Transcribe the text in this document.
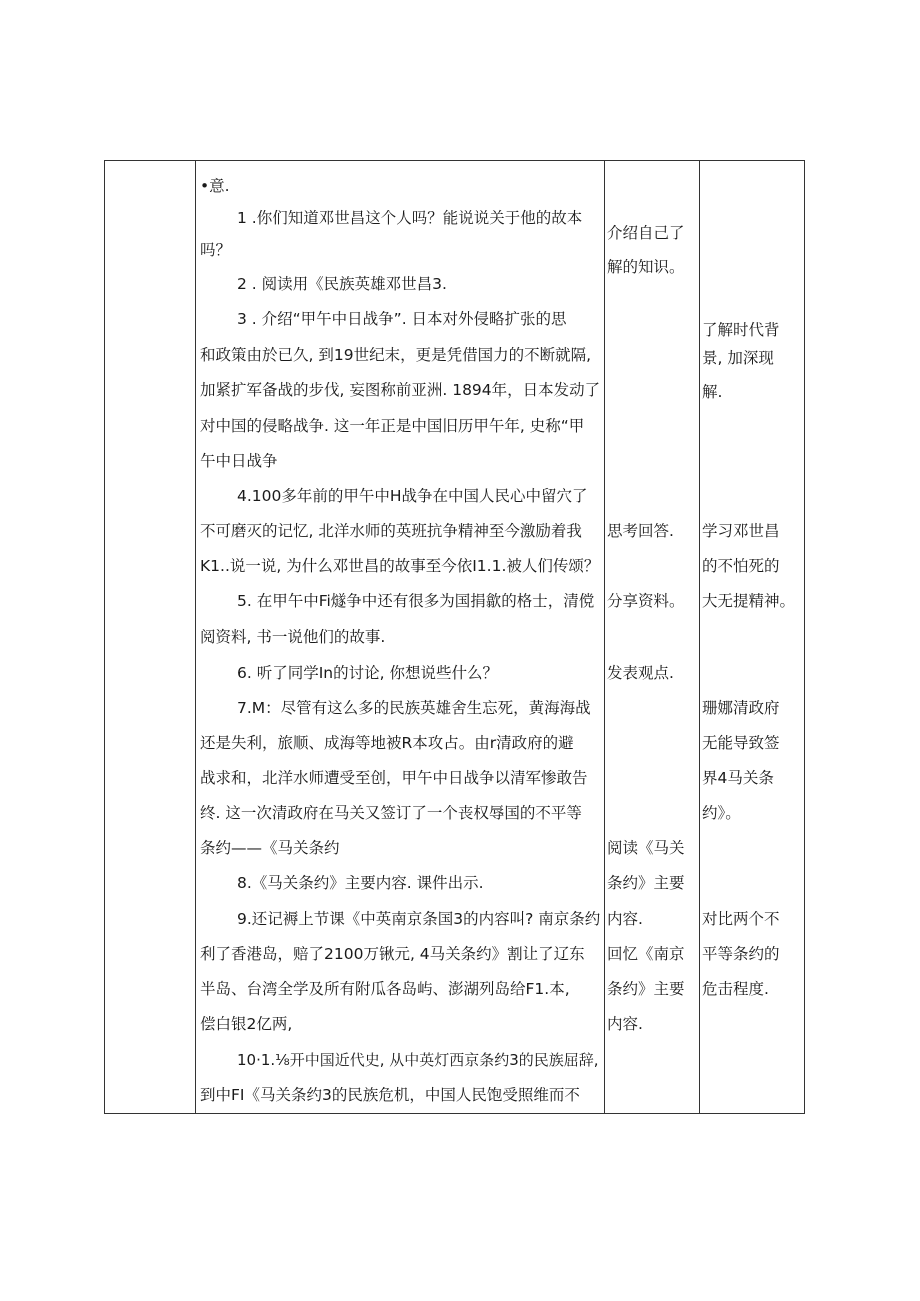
•意.
1 .你们知道邓世昌这个人吗？能说说关于他的故本
吗？
2 . 阅读用《民族英雄邓世昌3.
3 . 介绍“甲午中日战争”. 日本对外侵略扩张的思
和政策由於已久, 到19世纪末，更是凭借国力的不断就隔,
加紧扩军备战的步伐, 妄图称前亚洲. 1894年，日本发动了
对中国的侵略战争. 这一年正是中国旧历甲午年, 史称“甲
午中日战争
4.100多年前的甲午中H战争在中国人民心中留穴了
不可磨灭的记忆, 北洋水师的英班抗争精神至今激励着我
K1..说一说, 为什么邓世昌的故事至今依I1.1.被人们传颂？
5. 在甲午中Fi燧争中还有很多为国捐歙的格士，清傥
阅资料, 书一说他们的故事.
6. 听了同学In的讨论, 你想说些什么？
7.M：尽管有这么多的民族英雄舍生忘死，黄海海战
还是失利，旅顺、成海等地被R本攻占。由r清政府的避
战求和，北洋水师遭受至创，甲午中日战争以清军惨敢告
终. 这一次清政府在马关又签订了一个丧权辱国的不平等
条约——《马关条约
8.《马关条约》主要内容. 课件出示.
9.还记褥上节课《中英南京条国3的内容叫? 南京条约
利了香港岛，赔了2100万锹元, 4马关条约》割让了辽东
半岛、台湾全学及所有附瓜各岛屿、澎湖列岛给F1.本,
偿白银2亿两,
10·1.⅛开中国近代史, 从中英灯西京条约3的民族屈辞,
到中FI《马关条约3的民族危机，中国人民饱受照维而不
介绍自己了
解的知识。
思考回答.
分享资料。
发表观点.
阅读《马关
条约》主要
内容.
回忆《南京
条约》主要
内容.
了解时代背
景, 加深现
解.
学习邓世昌
的不怕死的
大无提精神。
珊娜清政府
无能导致签
界4马关条
约》。
对比两个不
平等条约的
危击程度.
